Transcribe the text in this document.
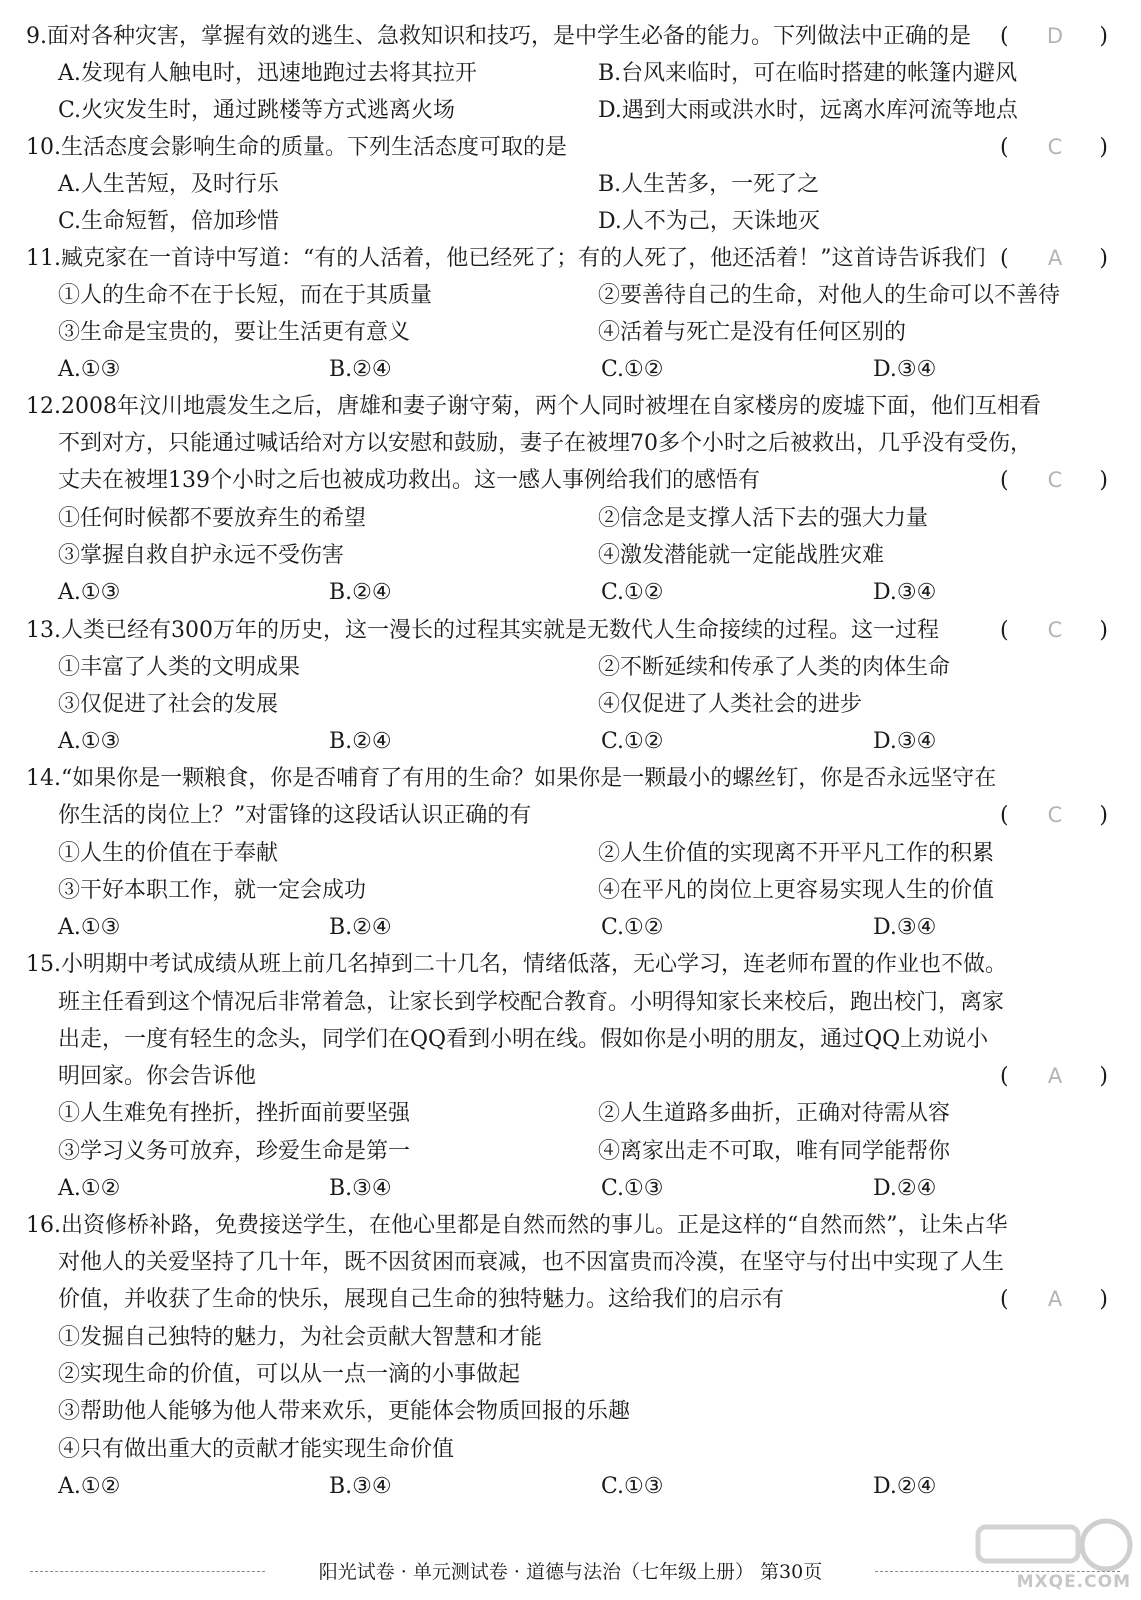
9.面对各种灾害，掌握有效的逃生、急救知识和技巧，是中学生必备的能力。下列做法中正确的是 (	D	)
A.发现有人触电时，迅速地跑过去将其拉开	B.台风来临时，可在临时搭建的帐篷内避风
C.火灾发生时，通过跳楼等方式逃离火场	D.遇到大雨或洪水时，远离水库河流等地点
10.生活态度会影响生命的质量。下列生活态度可取的是	(	C	)
A.人生苦短，及时行乐	B.人生苦多，一死了之
C.生命短暂，倍加珍惜	D.人不为己，天诛地灭
11.臧克家在一首诗中写道：“有的人活着，他已经死了；有的人死了，他还活着！”这首诗告诉我们 (	A	)
①人的生命不在于长短，而在于其质量	②要善待自己的生命，对他人的生命可以不善待
③生命是宝贵的，要让生活更有意义	④活着与死亡是没有任何区别的
A.①③	B.②④	C.①②	D.③④
12.2008年汶川地震发生之后，唐雄和妻子谢守菊，两个人同时被埋在自家楼房的废墟下面，他们互相看
不到对方，只能通过喊话给对方以安慰和鼓励，妻子在被埋70多个小时之后被救出，几乎没有受伤，
丈夫在被埋139个小时之后也被成功救出。这一感人事例给我们的感悟有	(	C	)
①任何时候都不要放弃生的希望	②信念是支撑人活下去的强大力量
③掌握自救自护永远不受伤害	④激发潜能就一定能战胜灾难
A.①③	B.②④	C.①②	D.③④
13.人类已经有300万年的历史，这一漫长的过程其实就是无数代人生命接续的过程。这一过程	(	C	)
①丰富了人类的文明成果	②不断延续和传承了人类的肉体生命
③仅促进了社会的发展	④仅促进了人类社会的进步
A.①③	B.②④	C.①②	D.③④
14.“如果你是一颗粮食，你是否哺育了有用的生命？如果你是一颗最小的螺丝钉，你是否永远坚守在
你生活的岗位上？”对雷锋的这段话认识正确的有	(	C	)
①人生的价值在于奉献	②人生价值的实现离不开平凡工作的积累
③干好本职工作，就一定会成功	④在平凡的岗位上更容易实现人生的价值
A.①③	B.②④	C.①②	D.③④
15.小明期中考试成绩从班上前几名掉到二十几名，情绪低落，无心学习，连老师布置的作业也不做。
班主任看到这个情况后非常着急，让家长到学校配合教育。小明得知家长来校后，跑出校门，离家
出走，一度有轻生的念头，同学们在QQ看到小明在线。假如你是小明的朋友，通过QQ上劝说小
明回家。你会告诉他	(	A	)
①人生难免有挫折，挫折面前要坚强	②人生道路多曲折，正确对待需从容
③学习义务可放弃，珍爱生命是第一	④离家出走不可取，唯有同学能帮你
A.①②	B.③④	C.①③	D.②④
16.出资修桥补路，免费接送学生，在他心里都是自然而然的事儿。正是这样的“自然而然”，让朱占华
对他人的关爱坚持了几十年，既不因贫困而衰减，也不因富贵而冷漠，在坚守与付出中实现了人生
价值，并收获了生命的快乐，展现自己生命的独特魅力。这给我们的启示有	(	A	)
①发掘自己独特的魅力，为社会贡献大智慧和才能
②实现生命的价值，可以从一点一滴的小事做起
③帮助他人能够为他人带来欢乐，更能体会物质回报的乐趣
④只有做出重大的贡献才能实现生命价值
A.①②	B.③④	C.①③	D.②④
阳光试卷 · 单元测试卷 · 道德与法治（七年级上册） 第30页	MXQE.COM
